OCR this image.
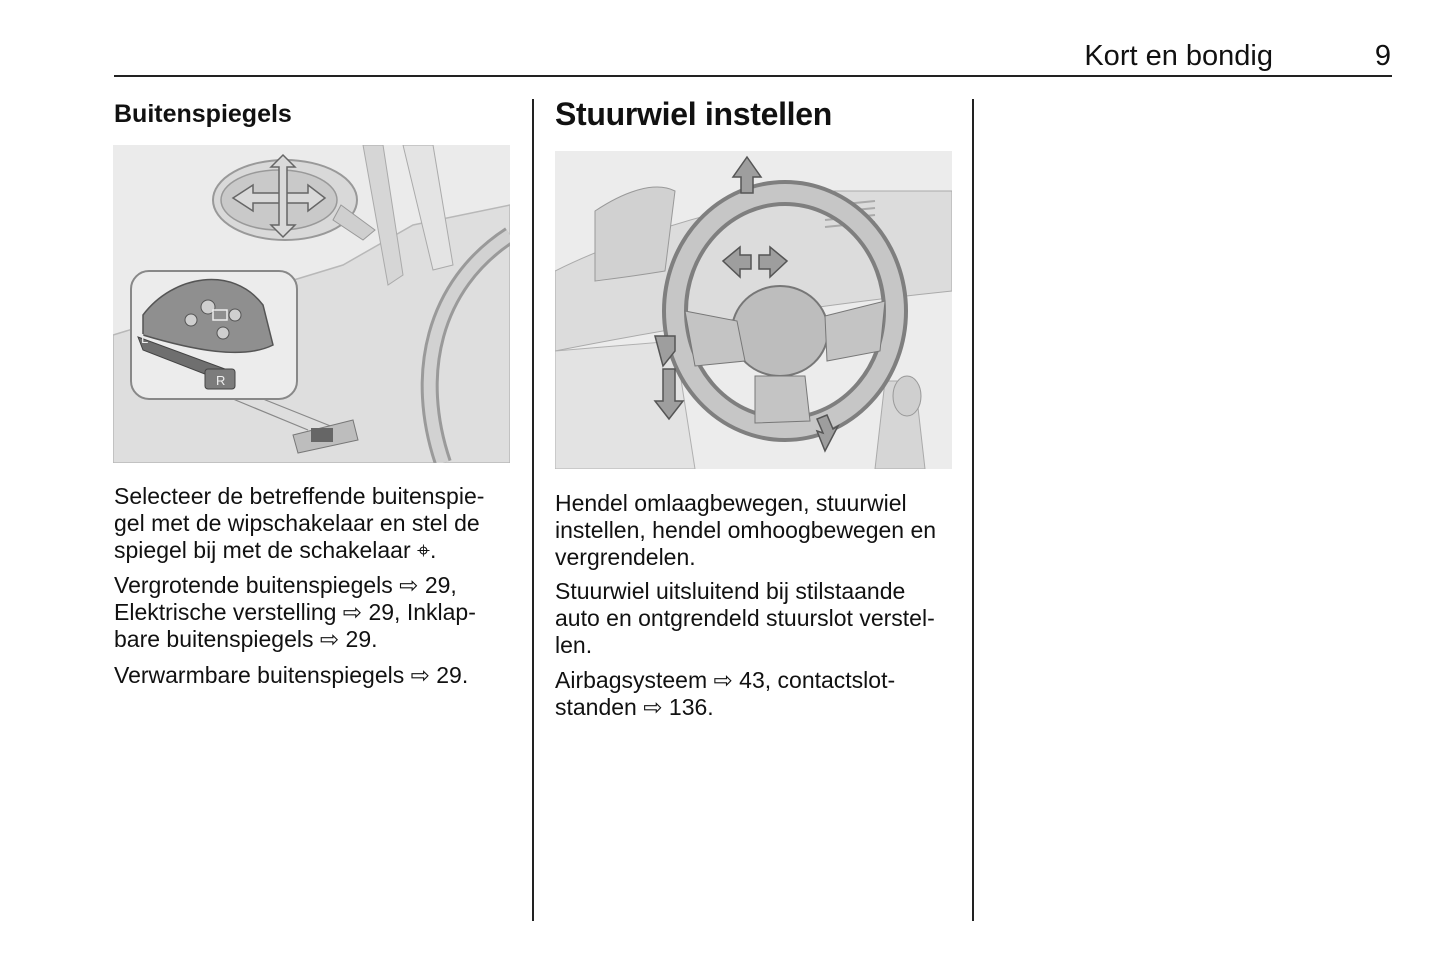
Kort en bondig	9
Buitenspiegels
L
R

Selecteer de betreffende buitenspie-
gel met de wipschakelaar en stel de
spiegel bij met de schakelaar ⌖.

Vergrotende buitenspiegels ⇨ 29,
Elektrische verstelling ⇨ 29, Inklap-
bare buitenspiegels ⇨ 29.

Verwarmbare buitenspiegels ⇨ 29.

Stuurwiel instellen

Hendel omlaagbewegen, stuurwiel
instellen, hendel omhoogbewegen en
vergrendelen.

Stuurwiel uitsluitend bij stilstaande
auto en ontgrendeld stuurslot verstel-
len.

Airbagsysteem ⇨ 43, contactslot-
standen ⇨ 136.
